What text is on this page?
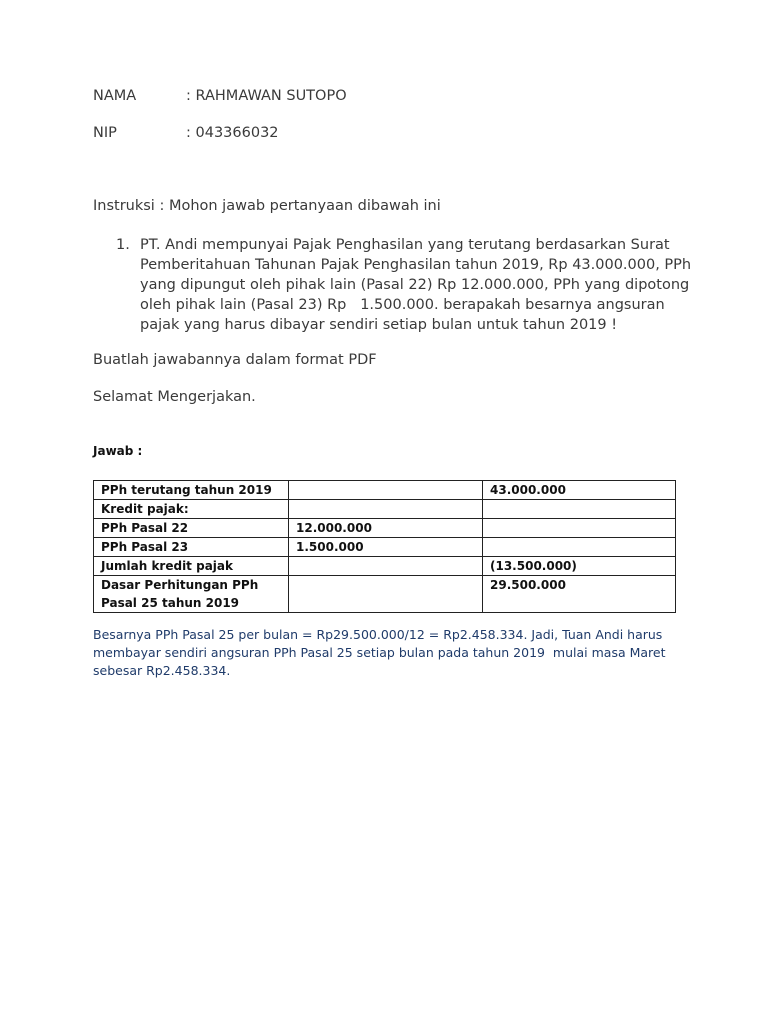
NAMA	: RAHMAWAN SUTOPO
NIP	: 043366032
Instruksi : Mohon jawab pertanyaan dibawah ini
1. PT. Andi mempunyai Pajak Penghasilan yang terutang berdasarkan Surat
Pemberitahuan Tahunan Pajak Penghasilan tahun 2019, Rp 43.000.000, PPh
yang dipungut oleh pihak lain (Pasal 22) Rp 12.000.000, PPh yang dipotong
oleh pihak lain (Pasal 23) Rp   1.500.000. berapakah besarnya angsuran
pajak yang harus dibayar sendiri setiap bulan untuk tahun 2019 !
Buatlah jawabannya dalam format PDF
Selamat Mengerjakan.
Jawab :
PPh terutang tahun 2019		43.000.000
Kredit pajak:		
PPh Pasal 22	12.000.000	
PPh Pasal 23	1.500.000	
Jumlah kredit pajak		(13.500.000)
Dasar Perhitungan PPh
Pasal 25 tahun 2019		29.500.000
Besarnya PPh Pasal 25 per bulan = Rp29.500.000/12 = Rp2.458.334. Jadi, Tuan Andi harus
membayar sendiri angsuran PPh Pasal 25 setiap bulan pada tahun 2019  mulai masa Maret
sebesar Rp2.458.334.
